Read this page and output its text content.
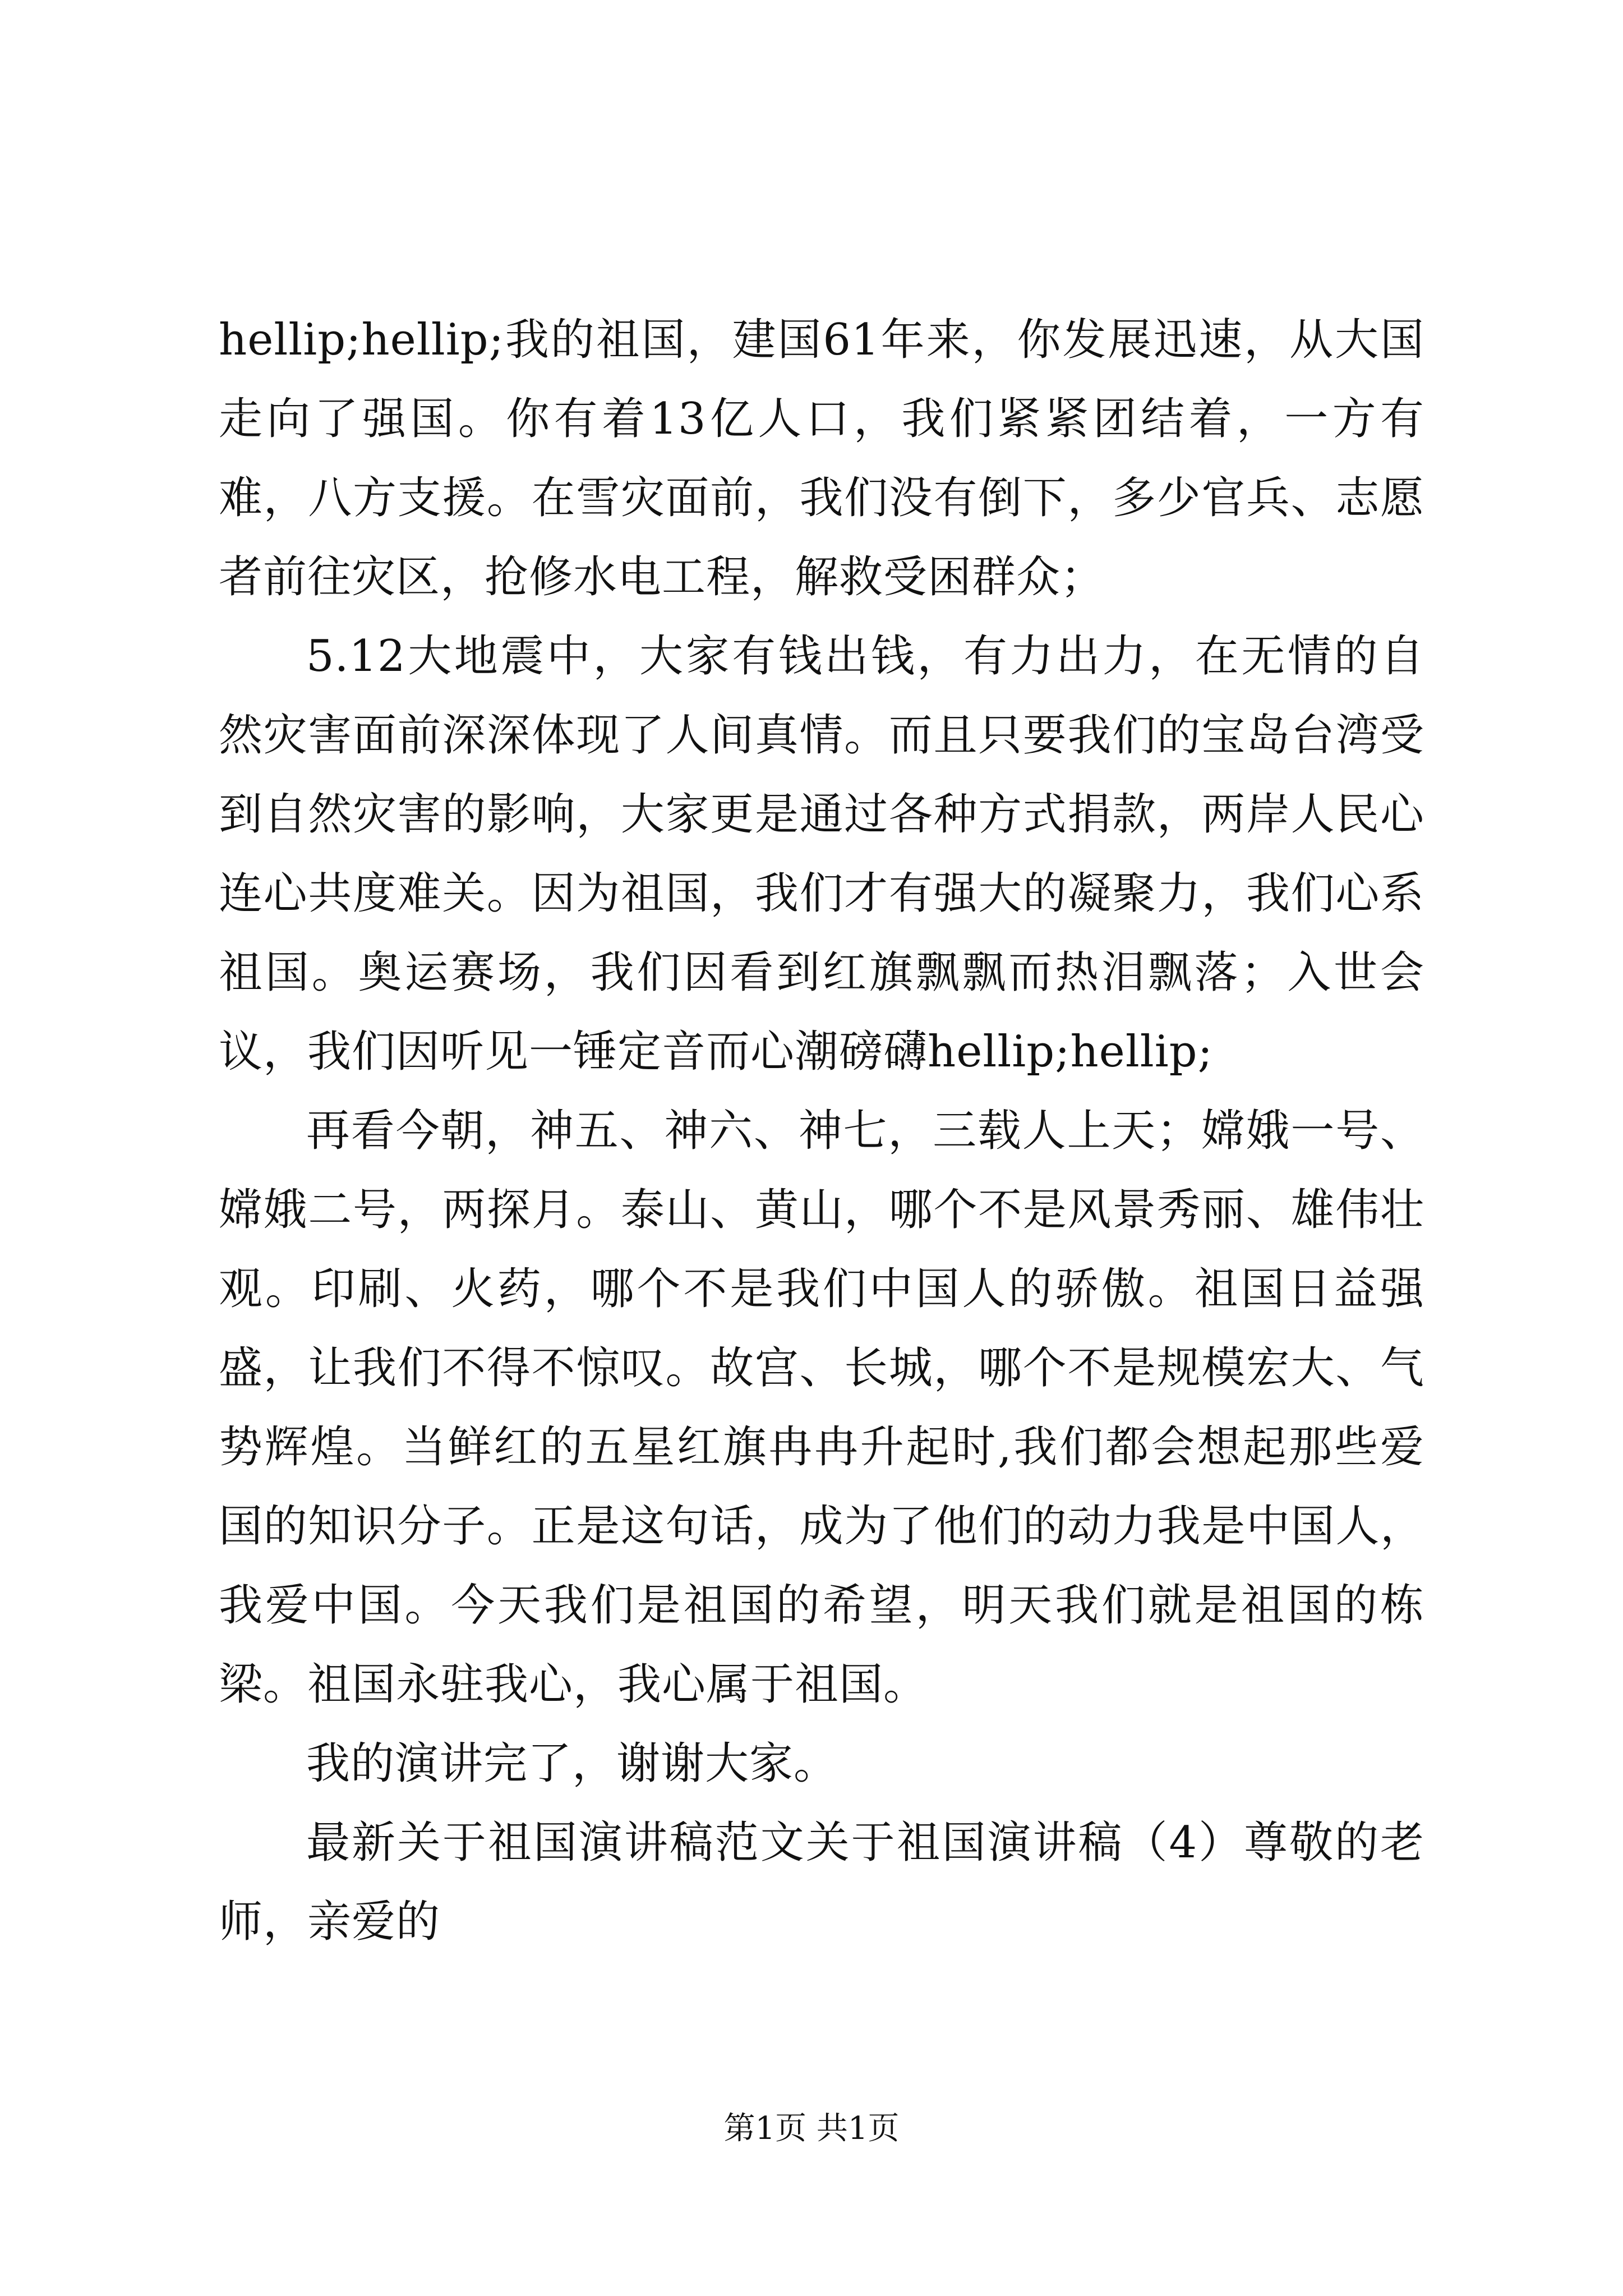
hellip;hellip;我的祖国，建国61年来，你发展迅速，从大国走向了强国。你有着13亿人口，我们紧紧团结着，一方有难，八方支援。在雪灾面前，我们没有倒下，多少官兵、志愿者前往灾区，抢修水电工程，解救受困群众；

5.12大地震中，大家有钱出钱，有力出力，在无情的自然灾害面前深深体现了人间真情。而且只要我们的宝岛台湾受到自然灾害的影响，大家更是通过各种方式捐款，两岸人民心连心共度难关。因为祖国，我们才有强大的凝聚力，我们心系祖国。奥运赛场，我们因看到红旗飘飘而热泪飘落；入世会议，我们因听见一锤定音而心潮磅礴hellip;hellip;

再看今朝，神五、神六、神七，三载人上天；嫦娥一号、嫦娥二号，两探月。泰山、黄山，哪个不是风景秀丽、雄伟壮观。印刷、火药，哪个不是我们中国人的骄傲。祖国日益强盛，让我们不得不惊叹。故宫、长城，哪个不是规模宏大、气势辉煌。当鲜红的五星红旗冉冉升起时,我们都会想起那些爱国的知识分子。正是这句话，成为了他们的动力我是中国人，我爱中国。今天我们是祖国的希望，明天我们就是祖国的栋梁。祖国永驻我心，我心属于祖国。

我的演讲完了，谢谢大家。

最新关于祖国演讲稿范文关于祖国演讲稿（4）尊敬的老师，亲爱的

第1页 共1页
